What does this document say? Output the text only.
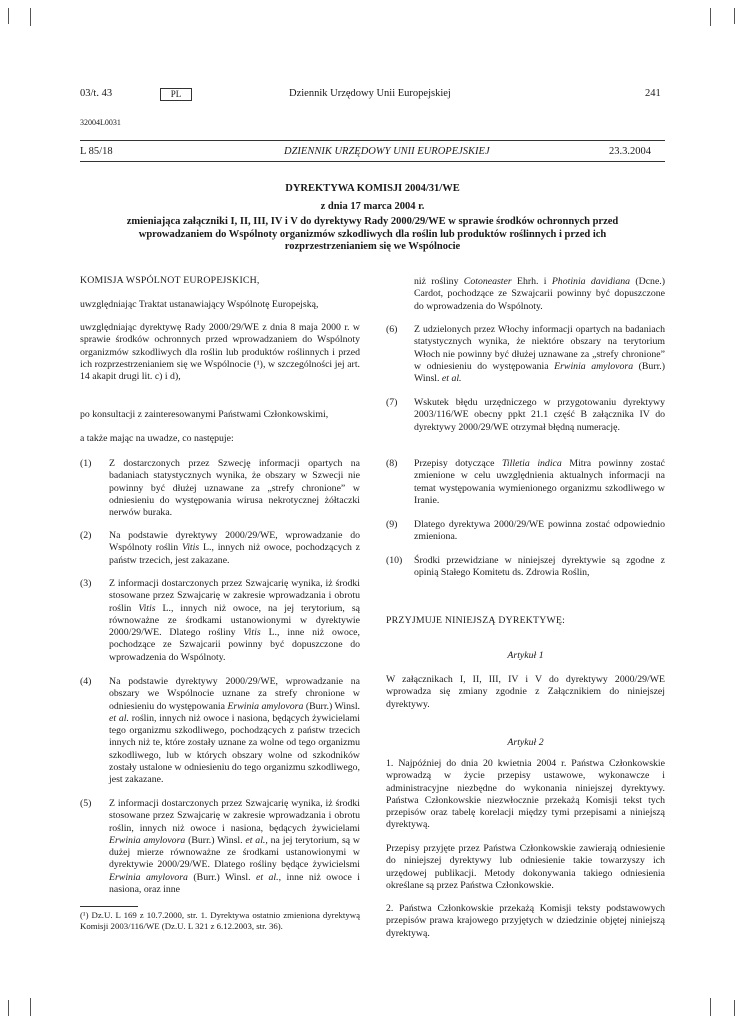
03/t. 43	PL	Dziennik Urzędowy Unii Europejskiej	241
32004L0031
L 85/18	DZIENNIK URZĘDOWY UNII EUROPEJSKIEJ	23.3.2004
DYREKTYWA KOMISJI 2004/31/WE
z dnia 17 marca 2004 r.
zmieniająca załączniki I, II, III, IV i V do dyrektywy Rady 2000/29/WE w sprawie środków ochronnych przed wprowadzaniem do Wspólnoty organizmów szkodliwych dla roślin lub produktów roślinnych i przed ich rozprzestrzenianiem się we Wspólnocie
KOMISJA WSPÓLNOT EUROPEJSKICH,
uwzględniając Traktat ustanawiający Wspólnotę Europejską,
uwzględniając dyrektywę Rady 2000/29/WE z dnia 8 maja 2000 r. w sprawie środków ochronnych przed wprowadzaniem do Wspólnoty organizmów szkodliwych dla roślin lub produktów roślinnych i przed ich rozprzestrzenianiem się we Wspólnocie (¹), w szczególności jej art. 14 akapit drugi lit. c) i d),
po konsultacji z zainteresowanymi Państwami Członkowskimi,
a także mając na uwadze, co następuje:
(1) Z dostarczonych przez Szwecję informacji opartych na badaniach statystycznych wynika, że obszary w Szwecji nie powinny być dłużej uznawane za „strefy chronione” w odniesieniu do występowania wirusa nekrotycznej żółtaczki nerwów buraka.
(2) Na podstawie dyrektywy 2000/29/WE, wprowadzanie do Wspólnoty roślin Vitis L., innych niż owoce, pochodzących z państw trzecich, jest zakazane.
(3) Z informacji dostarczonych przez Szwajcarię wynika, iż środki stosowane przez Szwajcarię w zakresie wprowadzania i obrotu roślin Vitis L., innych niż owoce, na jej terytorium, są równoważne ze środkami ustanowionymi w dyrektywie 2000/29/WE. Dlatego rośliny Vitis L., inne niż owoce, pochodzące ze Szwajcarii powinny być dopuszczone do wprowadzenia do Wspólnoty.
(4) Na podstawie dyrektywy 2000/29/WE, wprowadzanie na obszary we Wspólnocie uznane za strefy chronione w odniesieniu do występowania Erwinia amylovora (Burr.) Winsl. et al. roślin, innych niż owoce i nasiona, będących żywicielami tego organizmu szkodliwego, pochodzących z państw trzecich innych niż te, które zostały uznane za wolne od tego organizmu szkodliwego, lub w których obszary wolne od szkodników zostały ustalone w odniesieniu do tego organizmu szkodliwego, jest zakazane.
(5) Z informacji dostarczonych przez Szwajcarię wynika, iż środki stosowane przez Szwajcarię w zakresie wprowadzania i obrotu roślin, innych niż owoce i nasiona, będących żywicielami Erwinia amylovora (Burr.) Winsl. et al., na jej terytorium, są w dużej mierze równoważne ze środkami ustanowionymi w dyrektywie 2000/29/WE. Dlatego rośliny będące żywicielsmi Erwinia amylovora (Burr.) Winsl. et al., inne niż owoce i nasiona, oraz inne
(¹) Dz.U. L 169 z 10.7.2000, str. 1. Dyrektywa ostatnio zmieniona dyrektywą Komisji 2003/116/WE (Dz.U. L 321 z 6.12.2003, str. 36).
niż rośliny Cotoneaster Ehrh. i Photinia davidiana (Dcne.) Cardot, pochodzące ze Szwajcarii powinny być dopuszczone do wprowadzenia do Wspólnoty.
(6) Z udzielonych przez Włochy informacji opartych na badaniach statystycznych wynika, że niektóre obszary na terytorium Włoch nie powinny być dłużej uznawane za „strefy chronione” w odniesieniu do występowania Erwinia amylovora (Burr.) Winsl. et al.
(7) Wskutek błędu urzędniczego w przygotowaniu dyrektywy 2003/116/WE obecny ppkt 21.1 część B załącznika IV do dyrektywy 2000/29/WE otrzymał błędną numerację.
(8) Przepisy dotyczące Tilletia indica Mitra powinny zostać zmienione w celu uwzględnienia aktualnych informacji na temat występowania wymienionego organizmu szkodliwego w Iranie.
(9) Dlatego dyrektywa 2000/29/WE powinna zostać odpowiednio zmieniona.
(10) Środki przewidziane w niniejszej dyrektywie są zgodne z opinią Stałego Komitetu ds. Zdrowia Roślin,
PRZYJMUJE NINIEJSZĄ DYREKTYWĘ:
Artykuł 1
W załącznikach I, II, III, IV i V do dyrektywy 2000/29/WE wprowadza się zmiany zgodnie z Załącznikiem do niniejszej dyrektywy.
Artykuł 2
1. Najpóźniej do dnia 20 kwietnia 2004 r. Państwa Członkowskie wprowadzą w życie przepisy ustawowe, wykonawcze i administracyjne niezbędne do wykonania niniejszej dyrektywy. Państwa Członkowskie niezwłocznie przekażą Komisji tekst tych przepisów oraz tabelę korelacji między tymi przepisami a niniejszą dyrektywą.
Przepisy przyjęte przez Państwa Członkowskie zawierają odniesienie do niniejszej dyrektywy lub odniesienie takie towarzyszy ich urzędowej publikacji. Metody dokonywania takiego odniesienia określane są przez Państwa Członkowskie.
2. Państwa Członkowskie przekażą Komisji teksty podstawowych przepisów prawa krajowego przyjętych w dziedzinie objętej niniejszą dyrektywą.
